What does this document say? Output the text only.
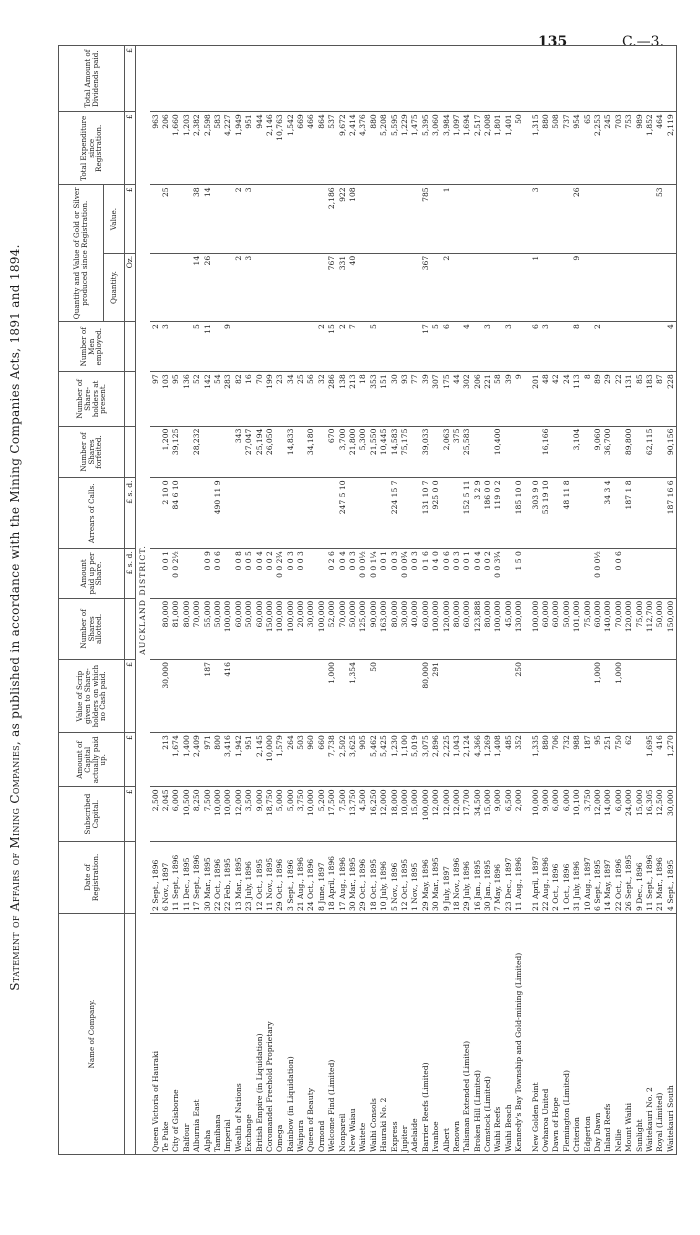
135	C.—3.
Statement of Affairs of Mining Companies, as published in accordance with the Mining Companies Acts, 1891 and 1894.
Name of Company.	Date of Registration.	Subscribed Capital.	Amount of Capital actually paid up.	Value of Scrip given to Share-holders on which no Cash paid.	Number of Shares allotted.	Amount paid up per Share.	Arrears of Calls.	Number of Shares forfeited.	Number of Share-holders at present.	Number of Men employed.	Quantity and Value of Gold or Silver produced since Registration.		Total Expenditure since Registration.	Total Amount of Dividends paid.
											Quantity.	Value.		
		£	£	£		£ s. d.	£ s. d.				Oz.	£	£	£
AUCKLAND DISTRICT.														
Queen Victoria of Hauraki	2 Sept., 1896	2,500							97	2			963	
Te Puke	6 Nov., 1897	2,045	213	30,000	80,000	0 0 1	2 10 0	1,200	103	3		25	206	
City of Gisborne	11 Sept., 1896	6,000	1,674		81,000	0 0 2½	84 6 10	39,125	95				1,660	
Balfour	11 Dec., 1895	10,500	1,400		80,000				136				1,203	
Alburnia East	17 Sept., 1896	8,250	2,409		70,000			28,232	52	5	14	38	2,382	
Alpha	30 Mar., 1895	7,500	971	187	55,000	0 0 9			142	11	26	14	2,598	
Tamihana	22 Oct., 1896	10,000	800		50,000	0 0 6	490 11 9		54				583	
Imperial	22 Feb., 1895	10,000	3,416	416	100,000				283	9			4,227	
Wealth of Nations	13 Mar., 1895	12,000	1,942		60,000	0 0 8		343	82		2	2	1,949	
Exchange	23 July, 1896	3,500	951		50,000	0 0 5		27,047	16		3	3	951	
British Empire (in Liquidation)	12 Oct., 1895	9,000	2,145		60,000	0 0 4		25,194	70				944	
Coromandel Freehold Proprietary	11 Nov., 1895	18,750	10,000		150,000	0 0 2		26,050	199				2,146	
Omega	29 Oct., 1896	5,000	1,579		100,000	0 0 2¾			23				10,763	
Rainbow (in Liquidation)	3 Sept., 1896	5,000	264		100,000	0 0 3		14,833	34				1,542	
Waipura	21 Aug., 1896	3,750	503		20,000	0 0 3			25				669	
Queen of Beauty	24 Oct., 1896	10,000	960		30,000			34,180	56				466	
Ormond	8 June, 1897	5,200	660		100,000				32	2			864	
Welcome Find (Limited)	18 April, 1896	17,500	7,738	1,000	52,000	0 2 6		670	286	15	767	2,186	537	
Nonpareil	17 Aug., 1896	7,500	2,502		70,000	0 0 4	247 5 10	3,700	138	2	331	922	9,672	
New Waiau	30 Mar., 1895	13,750	3,625	1,354	50,000	0 0 3		21,800	213	7	40	108	2,414	
Waitete	29 Oct., 1896	4,500	905		125,000	0 0 0½		5,300	18				4,376	
Waihi Consols	18 Oct., 1895	16,250	5,462	50	90,000	0 0 1¼		21,550	353	5			880	
Hauraki No. 2	10 July, 1896	12,000	5,425		163,000	0 0 1		10,445	151				5,208	
Express	5 Nov., 1896	18,000	1,230		80,000	0 0 3	224 15 7	14,583	30				5,595	
Jupiter	12 Oct., 1895	10,000	1,100		30,000	0 0 0¾		75,175	93				1,229	
Adelaide	1 Nov., 1895	15,000	5,019		40,000	0 0 3			77				1,475	
Barrier Reefs (Limited)	29 May, 1896	100,000	3,075	80,000	60,000	0 1 6	131 10 7	39,033	39	17	367	785	5,395	
Ivanhoe	30 Mar., 1895	12,000	2,896	291	100,000	0 4 0	925 0 0		307	5			3,060	
Albert	9 July, 1897	12,000	2,225		120,000	0 0 6		2,063	175	6	2	1	3,984	
Renown	18 Nov., 1896	12,000	1,043		80,000	0 0 3		375	44				1,097	
Talisman Extended (Limited)	29 July, 1896	17,700	2,124		60,000	0 0 1	152 5 11	25,583	302	4			1,694	
Broken Hill (Limited)	16 Jan., 1895	34,500	4,366		123,888	0 0 4	3 2 9		206				2,517	
Comstock (Limited)	30 Jan., 1895	15,000	1,269		80,000	0 0 2	186 0 0		221	3			2,008	
Waihi Reefs	7 May, 1896	9,000	1,408		100,000	0 0 3¾	119 0 2	10,400	58				1,801	
Waihi Beach	23 Dec., 1897	6,500	485		45,000				39	3			1,401	
Kennedy's Bay Township and Gold-mining (Limited)	11 Aug., 1896	2,000	352	250	130,000	1 5 0	185 10 0		9				50	

New Golden Point	21 April, 1897	10,000	1,335		100,000		303 9 0		201	6	1	3	1,315	
Owharoa United	22 Aug., 1896	9,000	880		60,000		53 19 10	16,166	48	3			880	
Dawn of Hope	2 Oct., 1896	6,000	706		60,000				42				508	
Flemington (Limited)	1 Oct., 1896	6,000	732		50,000		48 11 8		24				737	
Criterion	31 July, 1896	10,100	988		101,000			3,104	113	8	9	26	954	
Edgerton	10 Aug., 1897	3,750	187		75,000				8				65	
Day Dawn	6 Sept., 1895	12,000	95	1,000	60,000	0 0 0½		9,060	89	2			2,253	
Inland Reefs	14 May, 1897	14,000	251		140,000		34 3 4	36,700	29				245	
Nellie	22 Oct., 1896	6,000	750	1,000	70,000	0 0 6			22				703	
Mount Waihi	26 Sept., 1895	24,000	62		120,000		187 1 8	89,800	131				753	
Sunlight	9 Dec., 1896	15,000			75,000				85				989	
Waitekauri No. 2	11 Sept., 1896	16,305	1,695		112,700			62,115	183				1,852	
Royal (Limited)	21 Mar., 1896	12,500	416		50,000				87			53	464	
Waitekauri South	4 Sept., 1895	30,000	1,270		150,000		187 16 6	90,156	228	4			2,119	
